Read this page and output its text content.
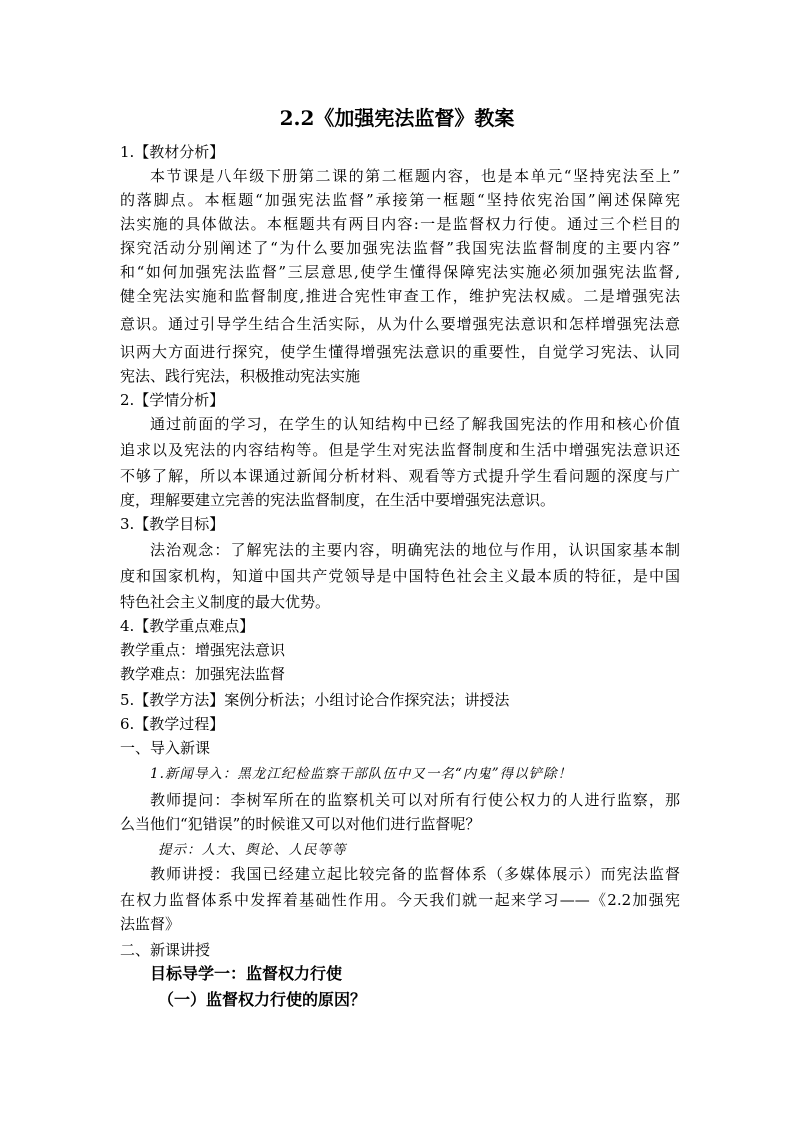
2.2《加强宪法监督》教案
1.【教材分析】
本节课是八年级下册第二课的第二框题内容，也是本单元“坚持宪法至上”
的落脚点。本框题“加强宪法监督”承接第一框题“坚持依宪治国”阐述保障宪
法实施的具体做法。本框题共有两目内容:一是监督权力行使。通过三个栏目的
探究活动分别阐述了“为什么要加强宪法监督”我国宪法监督制度的主要内容”
和“如何加强宪法监督”三层意思,使学生懂得保障宪法实施必须加强宪法监督,
健全宪法实施和监督制度,推进合宪性审查工作，维护宪法权威。二是增强宪法
意识。通过引导学生结合生活实际，从为什么要增强宪法意识和怎样增强宪法意
识两大方面进行探究，使学生懂得增强宪法意识的重要性，自觉学习宪法、认同
宪法、践行宪法，积极推动宪法实施
2.【学情分析】
通过前面的学习，在学生的认知结构中已经了解我国宪法的作用和核心价值
追求以及宪法的内容结构等。但是学生对宪法监督制度和生活中增强宪法意识还
不够了解，所以本课通过新闻分析材料、观看等方式提升学生看问题的深度与广
度，理解要建立完善的宪法监督制度，在生活中要增强宪法意识。
3.【教学目标】
法治观念：了解宪法的主要内容，明确宪法的地位与作用，认识国家基本制
度和国家机构，知道中国共产党领导是中国特色社会主义最本质的特征，是中国
特色社会主义制度的最大优势。
4.【教学重点难点】
教学重点：增强宪法意识
教学难点：加强宪法监督
5.【教学方法】案例分析法；小组讨论合作探究法；讲授法
6.【教学过程】
一、导入新课
1.新闻导入：黑龙江纪检监察干部队伍中又一名“内鬼”得以铲除！
教师提问：李树军所在的监察机关可以对所有行使公权力的人进行监察，那
么当他们“犯错误”的时候谁又可以对他们进行监督呢？
提示：人大、舆论、人民等等
教师讲授：我国已经建立起比较完备的监督体系（多媒体展示）而宪法监督
在权力监督体系中发挥着基础性作用。今天我们就一起来学习——《2.2加强宪
法监督》
二、新课讲授
目标导学一：监督权力行使
（一）监督权力行使的原因？
